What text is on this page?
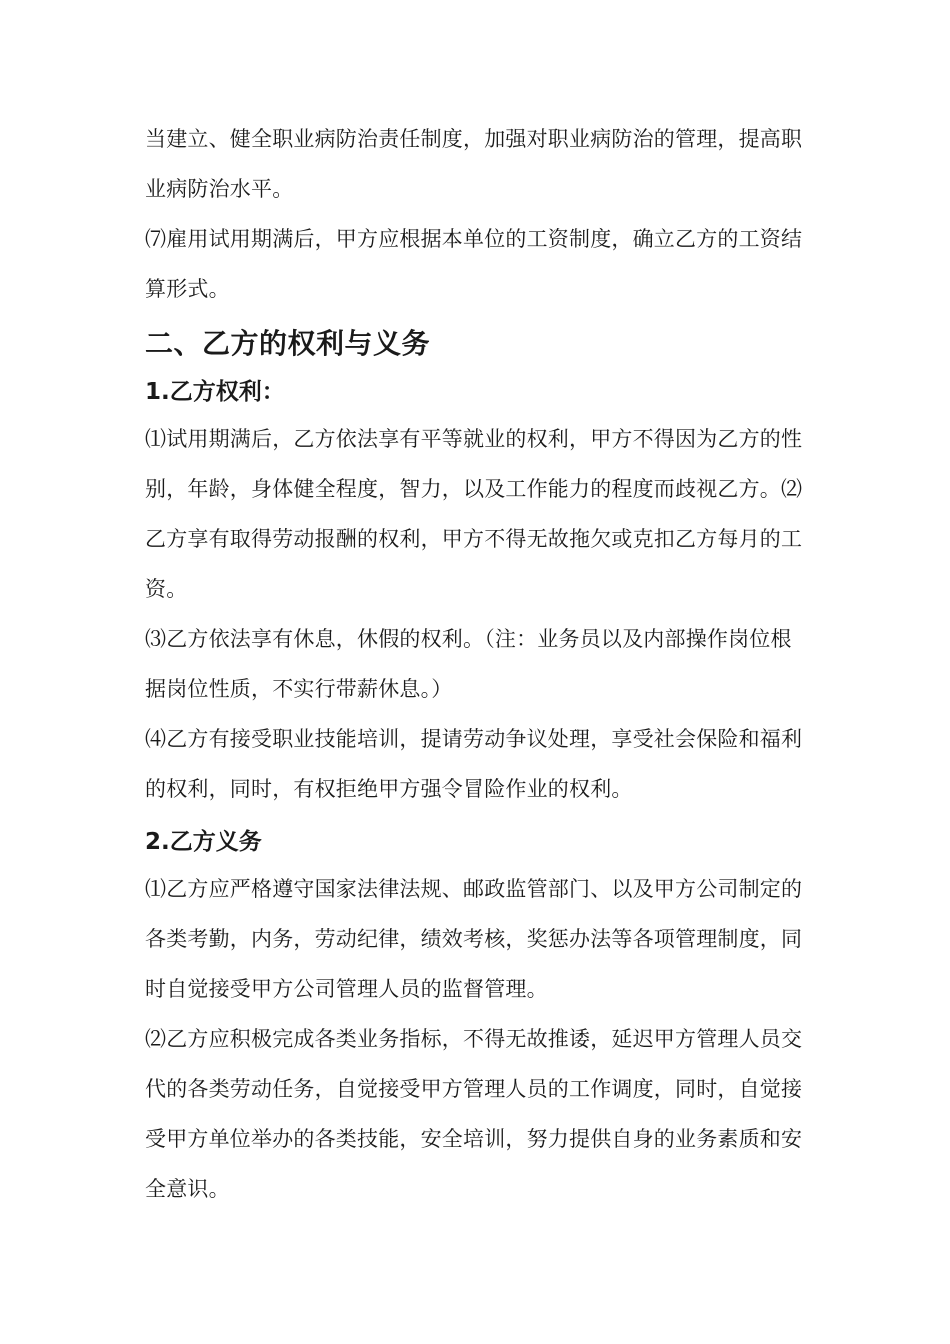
当建立、健全职业病防治责任制度，加强对职业病防治的管理，提高职业病防治水平。

⑺雇用试用期满后，甲方应根据本单位的工资制度，确立乙方的工资结算形式。

二、乙方的权利与义务
1.乙方权利：

⑴试用期满后，乙方依法享有平等就业的权利，甲方不得因为乙方的性别，年龄，身体健全程度，智力，以及工作能力的程度而歧视乙方。⑵乙方享有取得劳动报酬的权利，甲方不得无故拖欠或克扣乙方每月的工资。

⑶乙方依法享有休息，休假的权利。（注：业务员以及内部操作岗位根据岗位性质，不实行带薪休息。）

⑷乙方有接受职业技能培训，提请劳动争议处理，享受社会保险和福利的权利，同时，有权拒绝甲方强令冒险作业的权利。

2.乙方义务

⑴乙方应严格遵守国家法律法规、邮政监管部门、以及甲方公司制定的各类考勤，内务，劳动纪律，绩效考核，奖惩办法等各项管理制度，同时自觉接受甲方公司管理人员的监督管理。

⑵乙方应积极完成各类业务指标，不得无故推诿，延迟甲方管理人员交代的各类劳动任务，自觉接受甲方管理人员的工作调度，同时，自觉接受甲方单位举办的各类技能，安全培训，努力提供自身的业务素质和安全意识。
